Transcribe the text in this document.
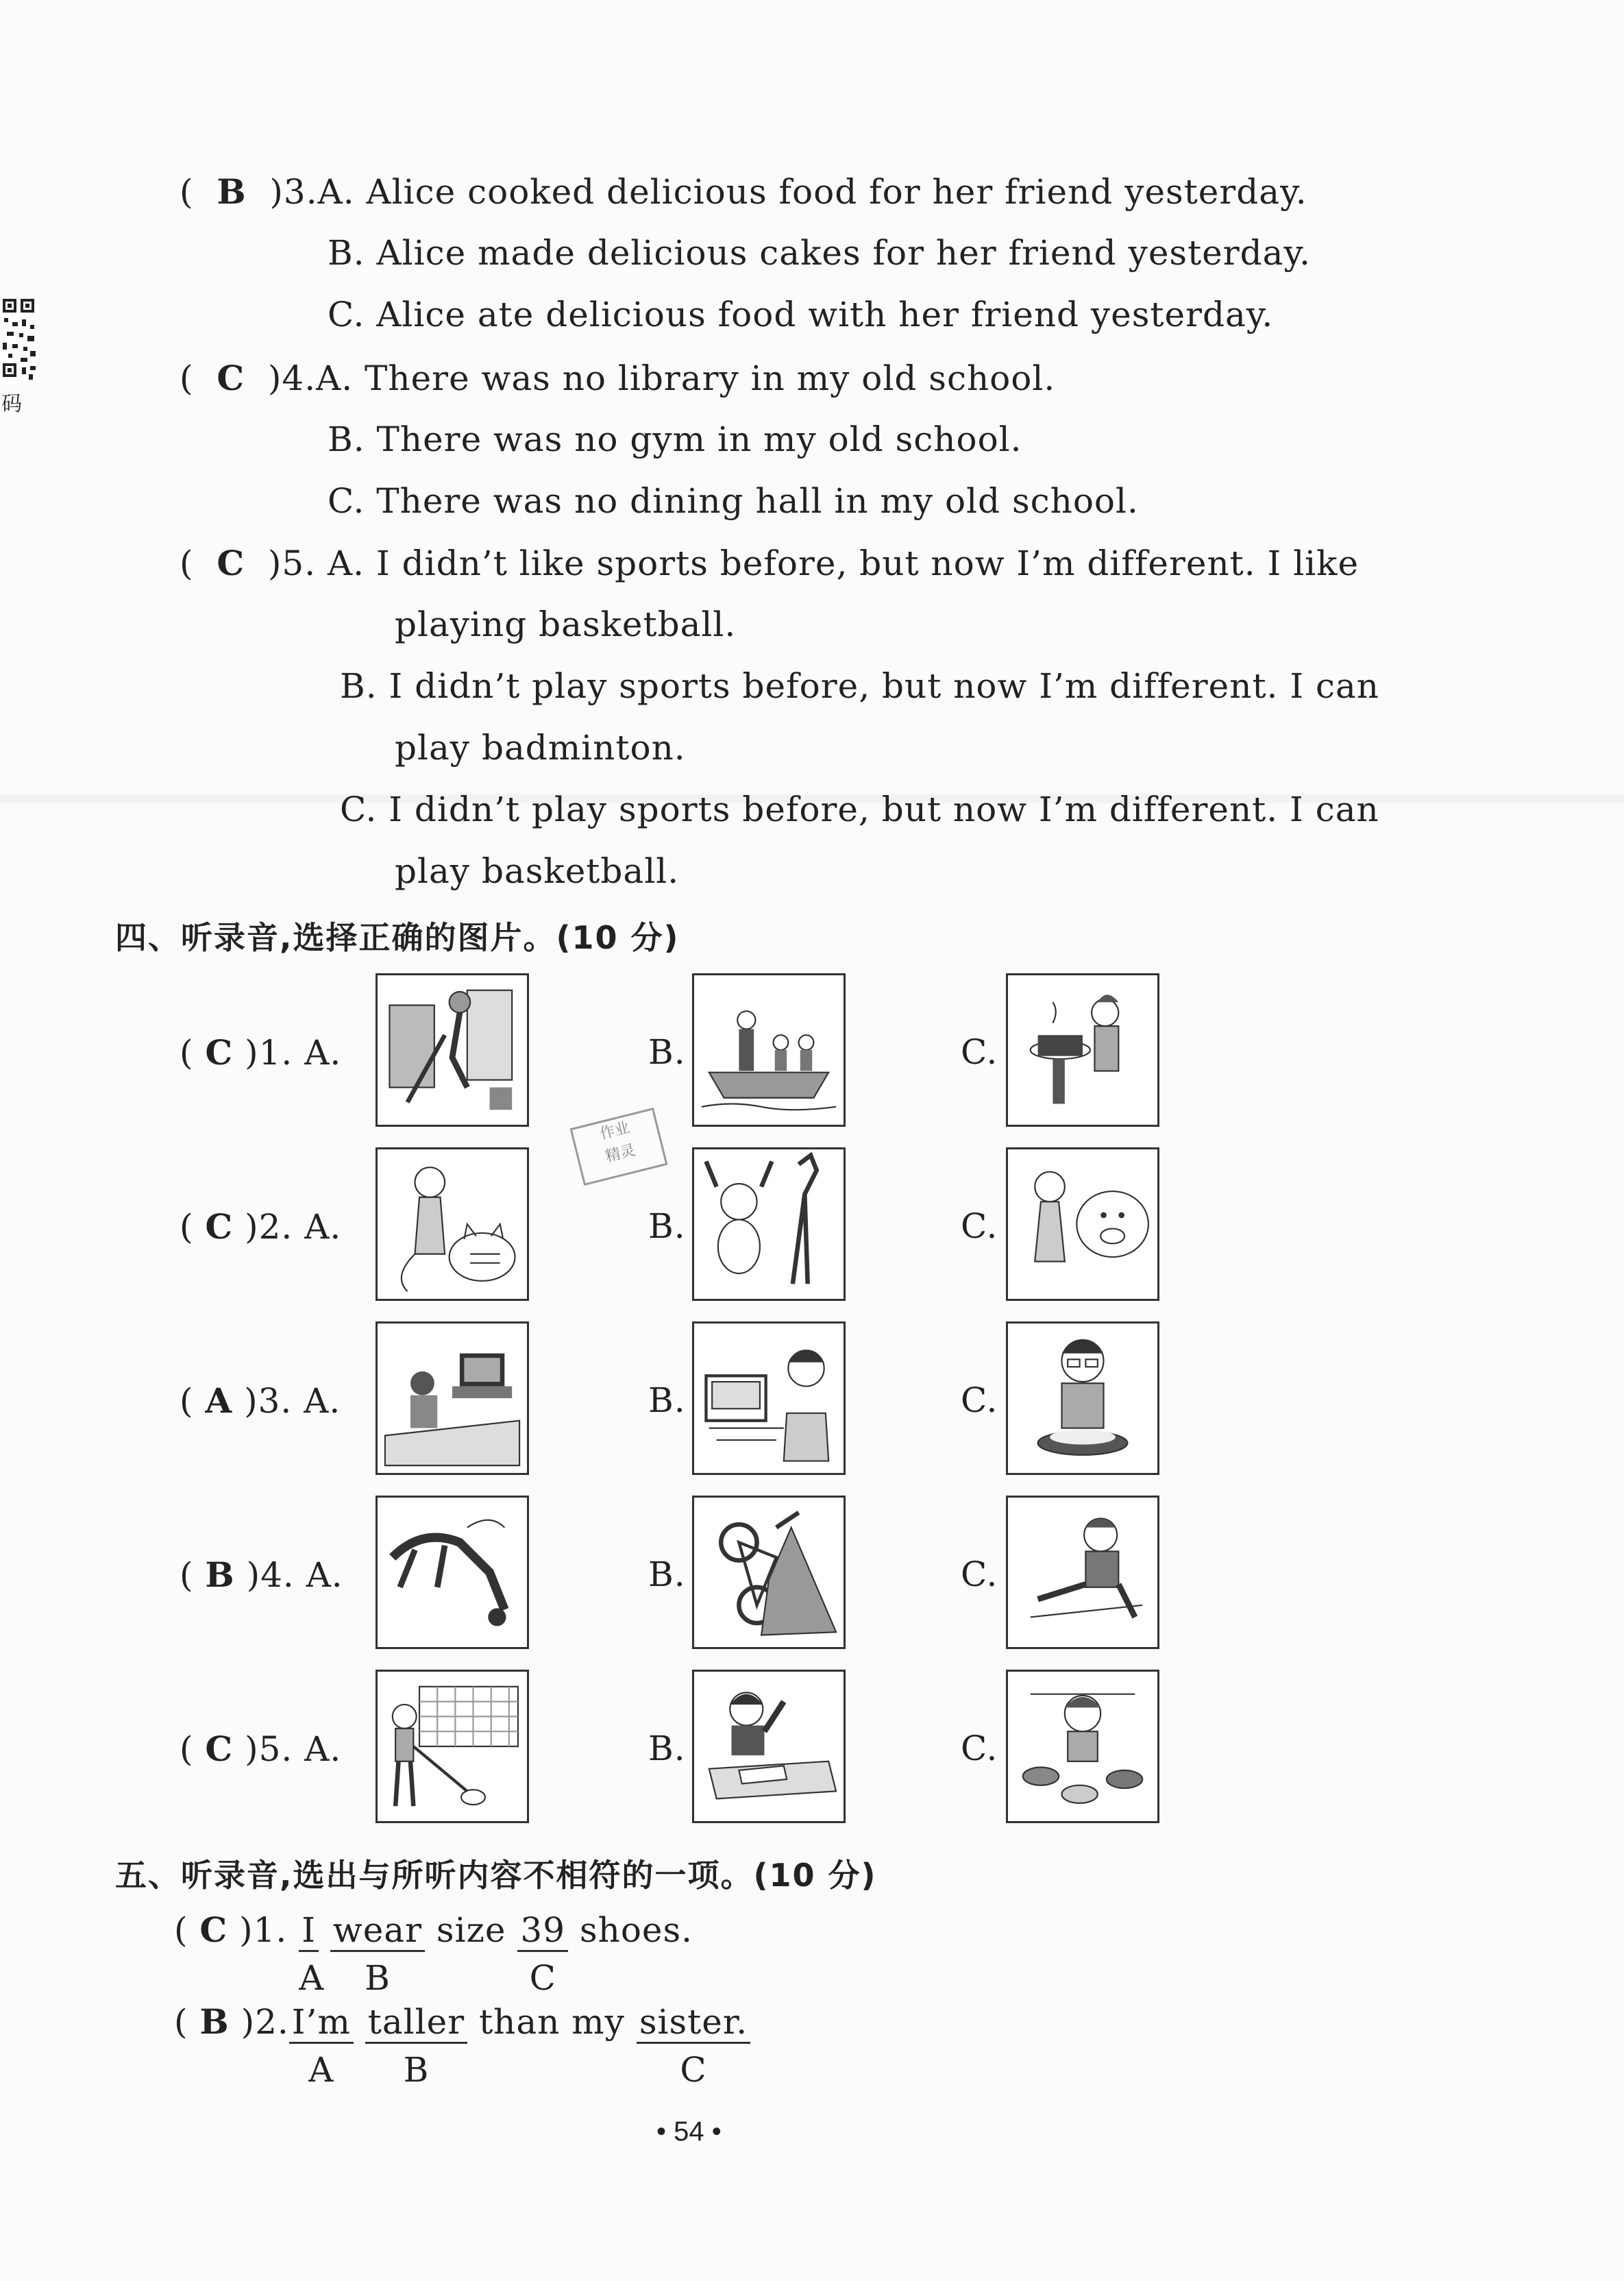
码
( B )3.A. Alice cooked delicious food for her friend yesterday.
B. Alice made delicious cakes for her friend yesterday.
C. Alice ate delicious food with her friend yesterday.
( C )4.A. There was no library in my old school.
B. There was no gym in my old school.
C. There was no dining hall in my old school.
( C )5. A. I didn’t like sports before, but now I’m different. I like
playing basketball.
B. I didn’t play sports before, but now I’m different. I can
play badminton.
C. I didn’t play sports before, but now I’m different. I can
play basketball.
四、听录音,选择正确的图片。(10 分)
( C )1. A.	B.	C.
( C )2. A.	B.	C.
( A )3. A.	B.	C.
( B )4. A.	B.	C.
( C )5. A.	B.	C.
作业
精灵
五、听录音,选出与所听内容不相符的一项。(10 分)
( C )1. I
A
wear
B
size 39
C
shoes.
( B )2.I’m
A
taller
B
than my sister.
C
• 54 •
